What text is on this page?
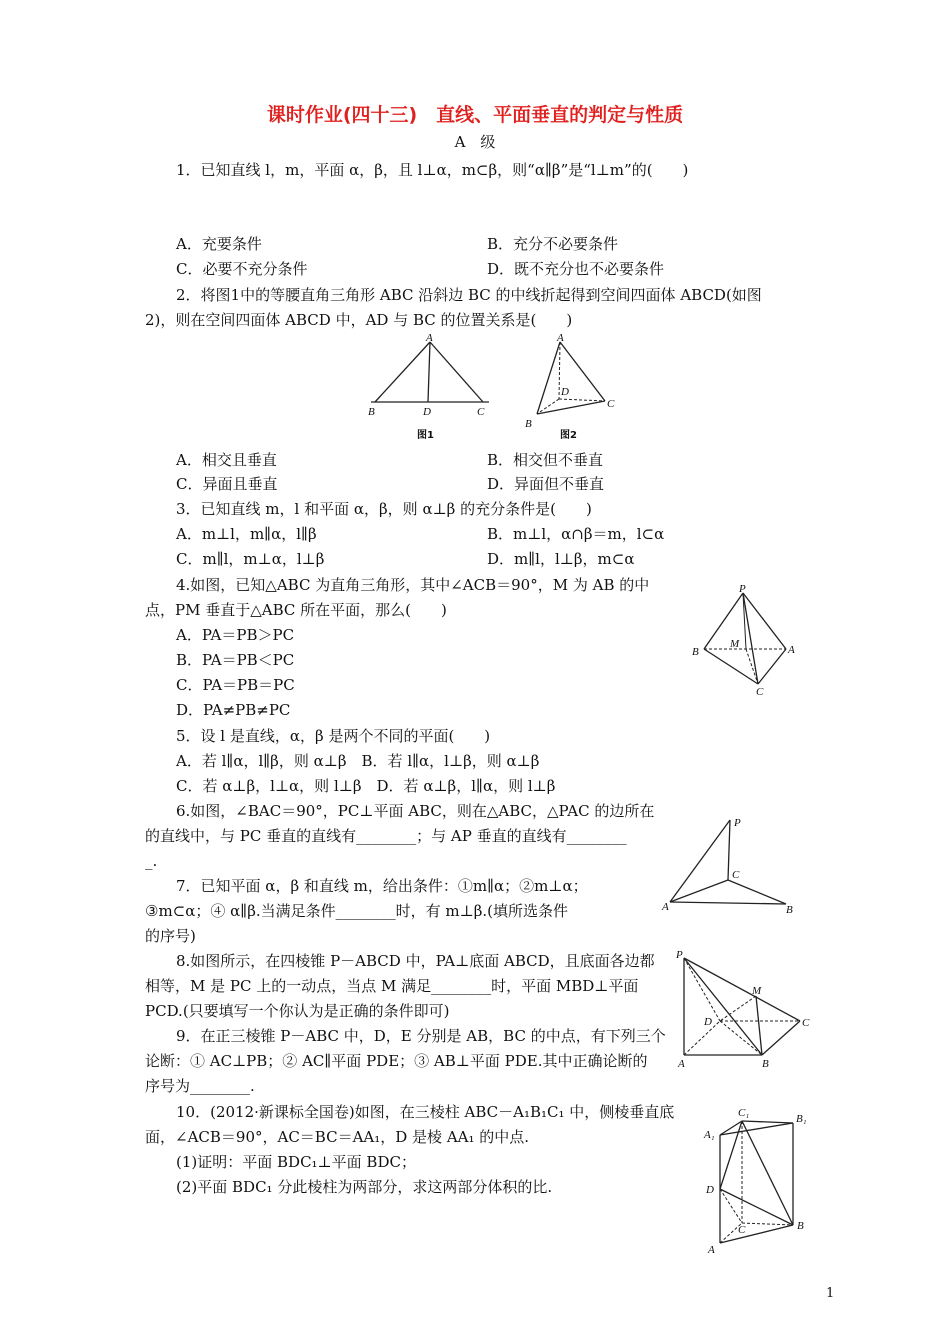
课时作业(四十三)　直线、平面垂直的判定与性质
A　级
1．已知直线 l，m，平面 α，β，且 l⊥α，m⊂β，则“α∥β”是“l⊥m”的(　　)
A．充要条件	B．充分不必要条件
C．必要不充分条件	D．既不充分也不必要条件
2．将图1中的等腰直角三角形 ABC 沿斜边 BC 的中线折起得到空间四面体 ABCD(如图
2)，则在空间四面体 ABCD 中，AD 与 BC 的位置关系是(　　)
A
B	D	C
图1
A
D
B
C
图2
A．相交且垂直	B．相交但不垂直
C．异面且垂直	D．异面但不垂直
3．已知直线 m，l 和平面 α，β，则 α⊥β 的充分条件是(　　)
A．m⊥l，m∥α，l∥β	B．m⊥l，α∩β＝m，l⊂α
C．m∥l，m⊥α，l⊥β	D．m∥l，l⊥β，m⊂α
4.如图，已知△ABC 为直角三角形，其中∠ACB＝90°，M 为 AB 的中
点，PM 垂直于△ABC 所在平面，那么(　　)
A．PA＝PB＞PC
B．PA＝PB＜PC
C．PA＝PB＝PC
D．PA≠PB≠PC
P
M
B	A
C
5．设 l 是直线，α，β 是两个不同的平面(　　)
A．若 l∥α，l∥β，则 α⊥β　B．若 l∥α，l⊥β，则 α⊥β
C．若 α⊥β，l⊥α，则 l⊥β　D．若 α⊥β，l∥α，则 l⊥β
6.如图，∠BAC＝90°，PC⊥平面 ABC，则在△ABC，△PAC 的边所在
的直线中，与 PC 垂直的直线有________；与 AP 垂直的直线有________
_.
P
C
A	B
7．已知平面 α，β 和直线 m，给出条件：①m∥α；②m⊥α；
③m⊂α；④ α∥β.当满足条件________时，有 m⊥β.(填所选条件
的序号)
8.如图所示，在四棱锥 P－ABCD 中，PA⊥底面 ABCD，且底面各边都
相等，M 是 PC 上的一动点，当点 M 满足________时，平面 MBD⊥平面
PCD.(只要填写一个你认为是正确的条件即可)
P
M
D	C
A	B
9．在正三棱锥 P－ABC 中，D，E 分别是 AB，BC 的中点，有下列三个
论断：① AC⊥PB；② AC∥平面 PDE；③ AB⊥平面 PDE.其中正确论断的
序号为________.
10．(2012·新课标全国卷)如图，在三棱柱 ABC－A₁B₁C₁ 中，侧棱垂直底
面，∠ACB＝90°，AC＝BC＝AA₁，D 是棱 AA₁ 的中点.
(1)证明：平面 BDC₁⊥平面 BDC；
(2)平面 BDC₁ 分此棱柱为两部分，求这两部分体积的比.
C₁	B₁
A₁
D
C	B
A
1
